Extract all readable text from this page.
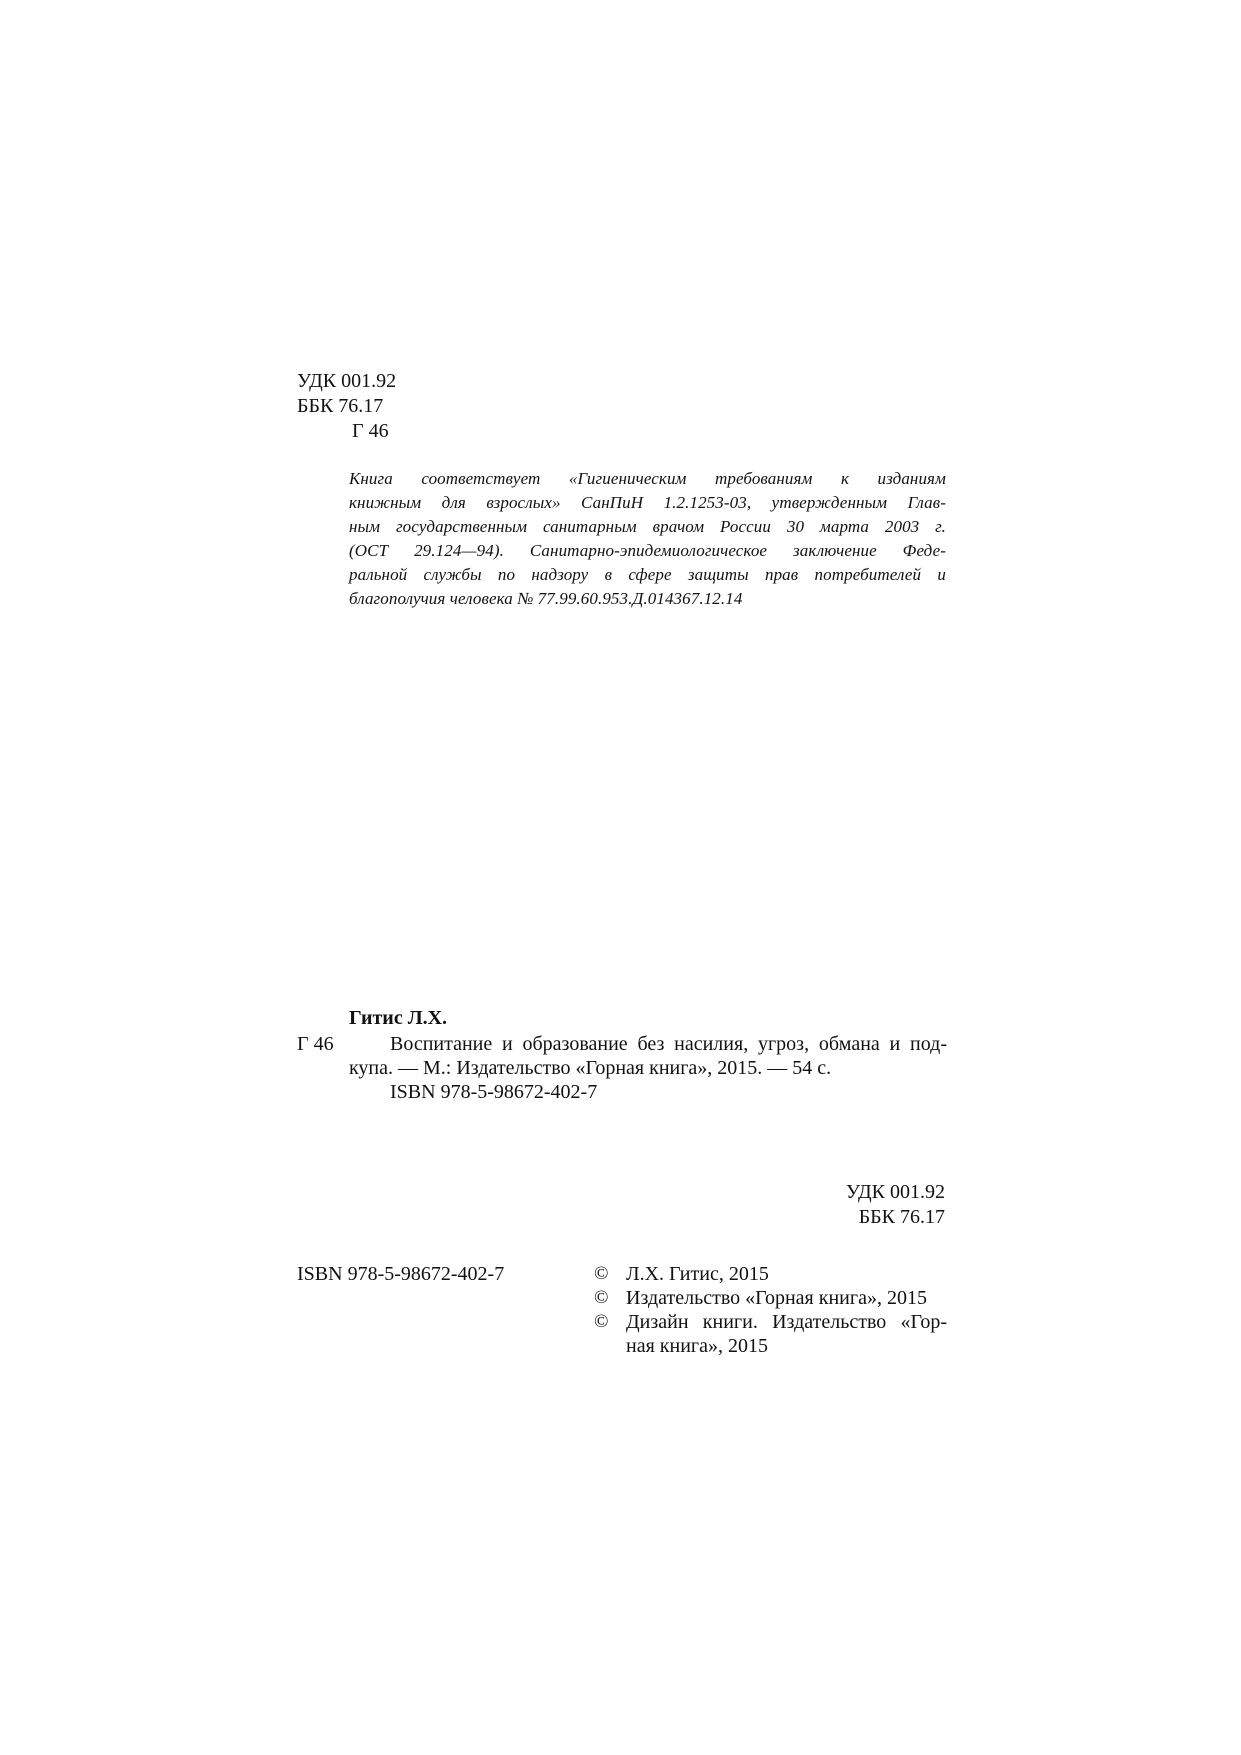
УДК 001.92
ББК 76.17
Г 46
Книга соответствует «Гигиеническим требованиям к изданиям
книжным для взрослых» СанПиН 1.2.1253-03, утвержденным Глав-
ным государственным санитарным врачом России 30 марта 2003 г.
(ОСТ 29.124—94). Санитарно-эпидемиологическое заключение Феде-
ральной службы по надзору в сфере защиты прав потребителей и
благополучия человека № 77.99.60.953.Д.014367.12.14
Гитис Л.Х.
Г 46	Воспитание и образование без насилия, угроз, обмана и под-
купа. — М.: Издательство «Горная книга», 2015. — 54 с.
ISBN 978-5-98672-402-7
УДК 001.92
ББК 76.17
ISBN 978-5-98672-402-7	© Л.Х. Гитис, 2015
© Издательство «Горная книга», 2015
© Дизайн книги. Издательство «Гор-
ная книга», 2015
